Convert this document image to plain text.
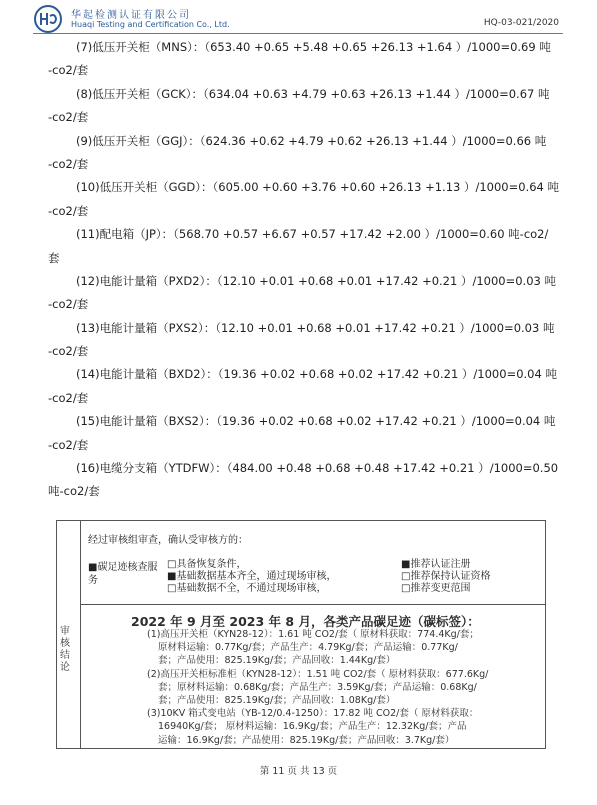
华起检测认证有限公司
Huaqi Testing and Certification Co., Ltd.	HQ-03-021/2020
(7)低压开关柜（MNS）：（653.40 +0.65 +5.48 +0.65 +26.13 +1.64 ）/1000=0.69 吨
-co2/套
(8)低压开关柜（GCK）：（634.04 +0.63 +4.79 +0.63 +26.13 +1.44 ）/1000=0.67 吨
-co2/套
(9)低压开关柜（GGJ）：（624.36 +0.62 +4.79 +0.62 +26.13 +1.44 ）/1000=0.66 吨
-co2/套
(10)低压开关柜（GGD）：（605.00 +0.60 +3.76 +0.60 +26.13 +1.13 ）/1000=0.64 吨
-co2/套
(11)配电箱（JP）：（568.70 +0.57 +6.67 +0.57 +17.42 +2.00 ）/1000=0.60 吨-co2/
套
(12)电能计量箱（PXD2）：（12.10 +0.01 +0.68 +0.01 +17.42 +0.21 ）/1000=0.03 吨
-co2/套
(13)电能计量箱（PXS2）：（12.10 +0.01 +0.68 +0.01 +17.42 +0.21 ）/1000=0.03 吨
-co2/套
(14)电能计量箱（BXD2）：（19.36 +0.02 +0.68 +0.02 +17.42 +0.21 ）/1000=0.04 吨
-co2/套
(15)电能计量箱（BXS2）：（19.36 +0.02 +0.68 +0.02 +17.42 +0.21 ）/1000=0.04 吨
-co2/套
(16)电缆分支箱（YTDFW）：（484.00 +0.48 +0.68 +0.48 +17.42 +0.21 ）/1000=0.50
吨-co2/套
审核结论
经过审核组审查，确认受审核方的：
■碳足迹核查服务
□具备恢复条件，
■基础数据基本齐全，通过现场审核，
□基础数据不全，不通过现场审核，
■推荐认证注册
□推荐保持认证资格
□推荐变更范围
2022 年 9 月至 2023 年 8 月，各类产品碳足迹（碳标签）：
(1)高压开关柜（KYN28-12）：1.61 吨 CO2/套（ 原材料获取：774.4Kg/套；
原材料运输：0.77Kg/套；产品生产：4.79Kg/套；产品运输：0.77Kg/
套；产品使用：825.19Kg/套；产品回收：1.44Kg/套）
(2)高压开关柜标准柜（KYN28-12）：1.51 吨 CO2/套（ 原材料获取：677.6Kg/
套；原材料运输：0.68Kg/套；产品生产：3.59Kg/套；产品运输：0.68Kg/
套；产品使用：825.19Kg/套；产品回收：1.08Kg/套）
(3)10KV 箱式变电站（YB-12/0.4-1250）：17.82 吨 CO2/套（ 原材料获取：
16940Kg/套； 原材料运输：16.9Kg/套；产品生产：12.32Kg/套；产品
运输：16.9Kg/套；产品使用：825.19Kg/套；产品回收：3.7Kg/套）
第 11 页 共 13 页
